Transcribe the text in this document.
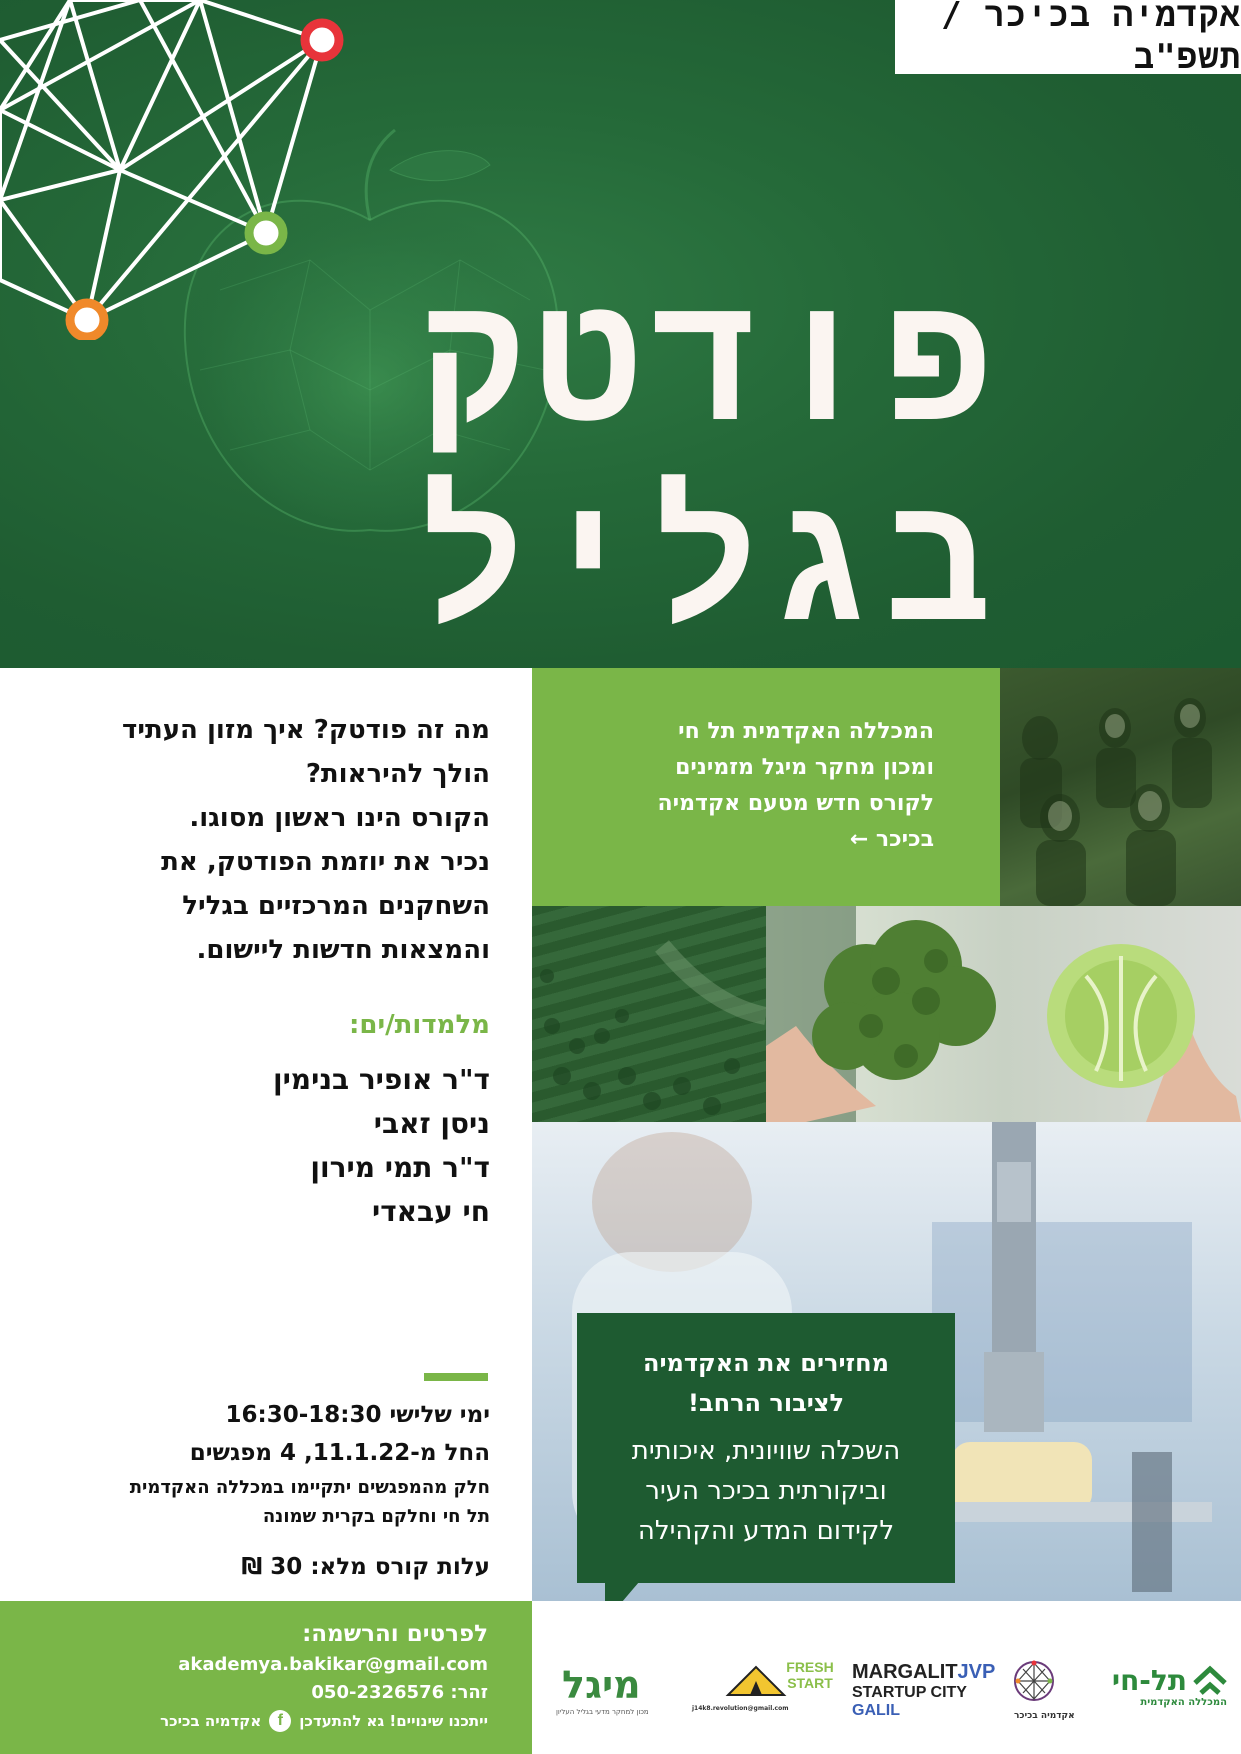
אקדמיה בכיכר / תשפ"ב
פודטק בגליל
מה זה פודטק? איך מזון העתיד
הולך להיראות?
הקורס הינו ראשון מסוגו.
נכיר את יוזמת הפודטק, את
השחקנים המרכזיים בגליל
והמצאות חדשות ליישום.
מלמדות/ים:
ד"ר אופיר בנימין
ניסן זאבי
ד"ר תמי מירון
חי עבאדי
ימי שלישי 16:30-18:30
החל מ-11.1.22, 4 מפגשים
חלק מהמפגשים יתקיימו במכללה האקדמית
תל חי וחלקם בקרית שמונה
עלות קורס מלא: 30 ₪
לפרטים והרשמה:
akademya.bakikar@gmail.com
זהר: 050-2326576
ייתכנו שינויים! גא להתעדכן
f
אקדמיה בכיכר

המכללה האקדמית תל חי

ומכון מחקר מיגל מזמינים

לקורס חדש מטעם אקדמיה

בכיכר ←

מחזירים את האקדמיה
לציבור הרחב!
השכלה שוויונית, איכותית
וביקורתית בכיכר העיר
לקידום המדע והקהילה
מיגל
מכון למחקר מדעי בגליל העליון	j14k8.revolution@gmail.com
FRESH
START MARGALITJVP
STARTUP CITY GALIL	אקדמיה בכיכר
תל-חי
המכללה האקדמית
